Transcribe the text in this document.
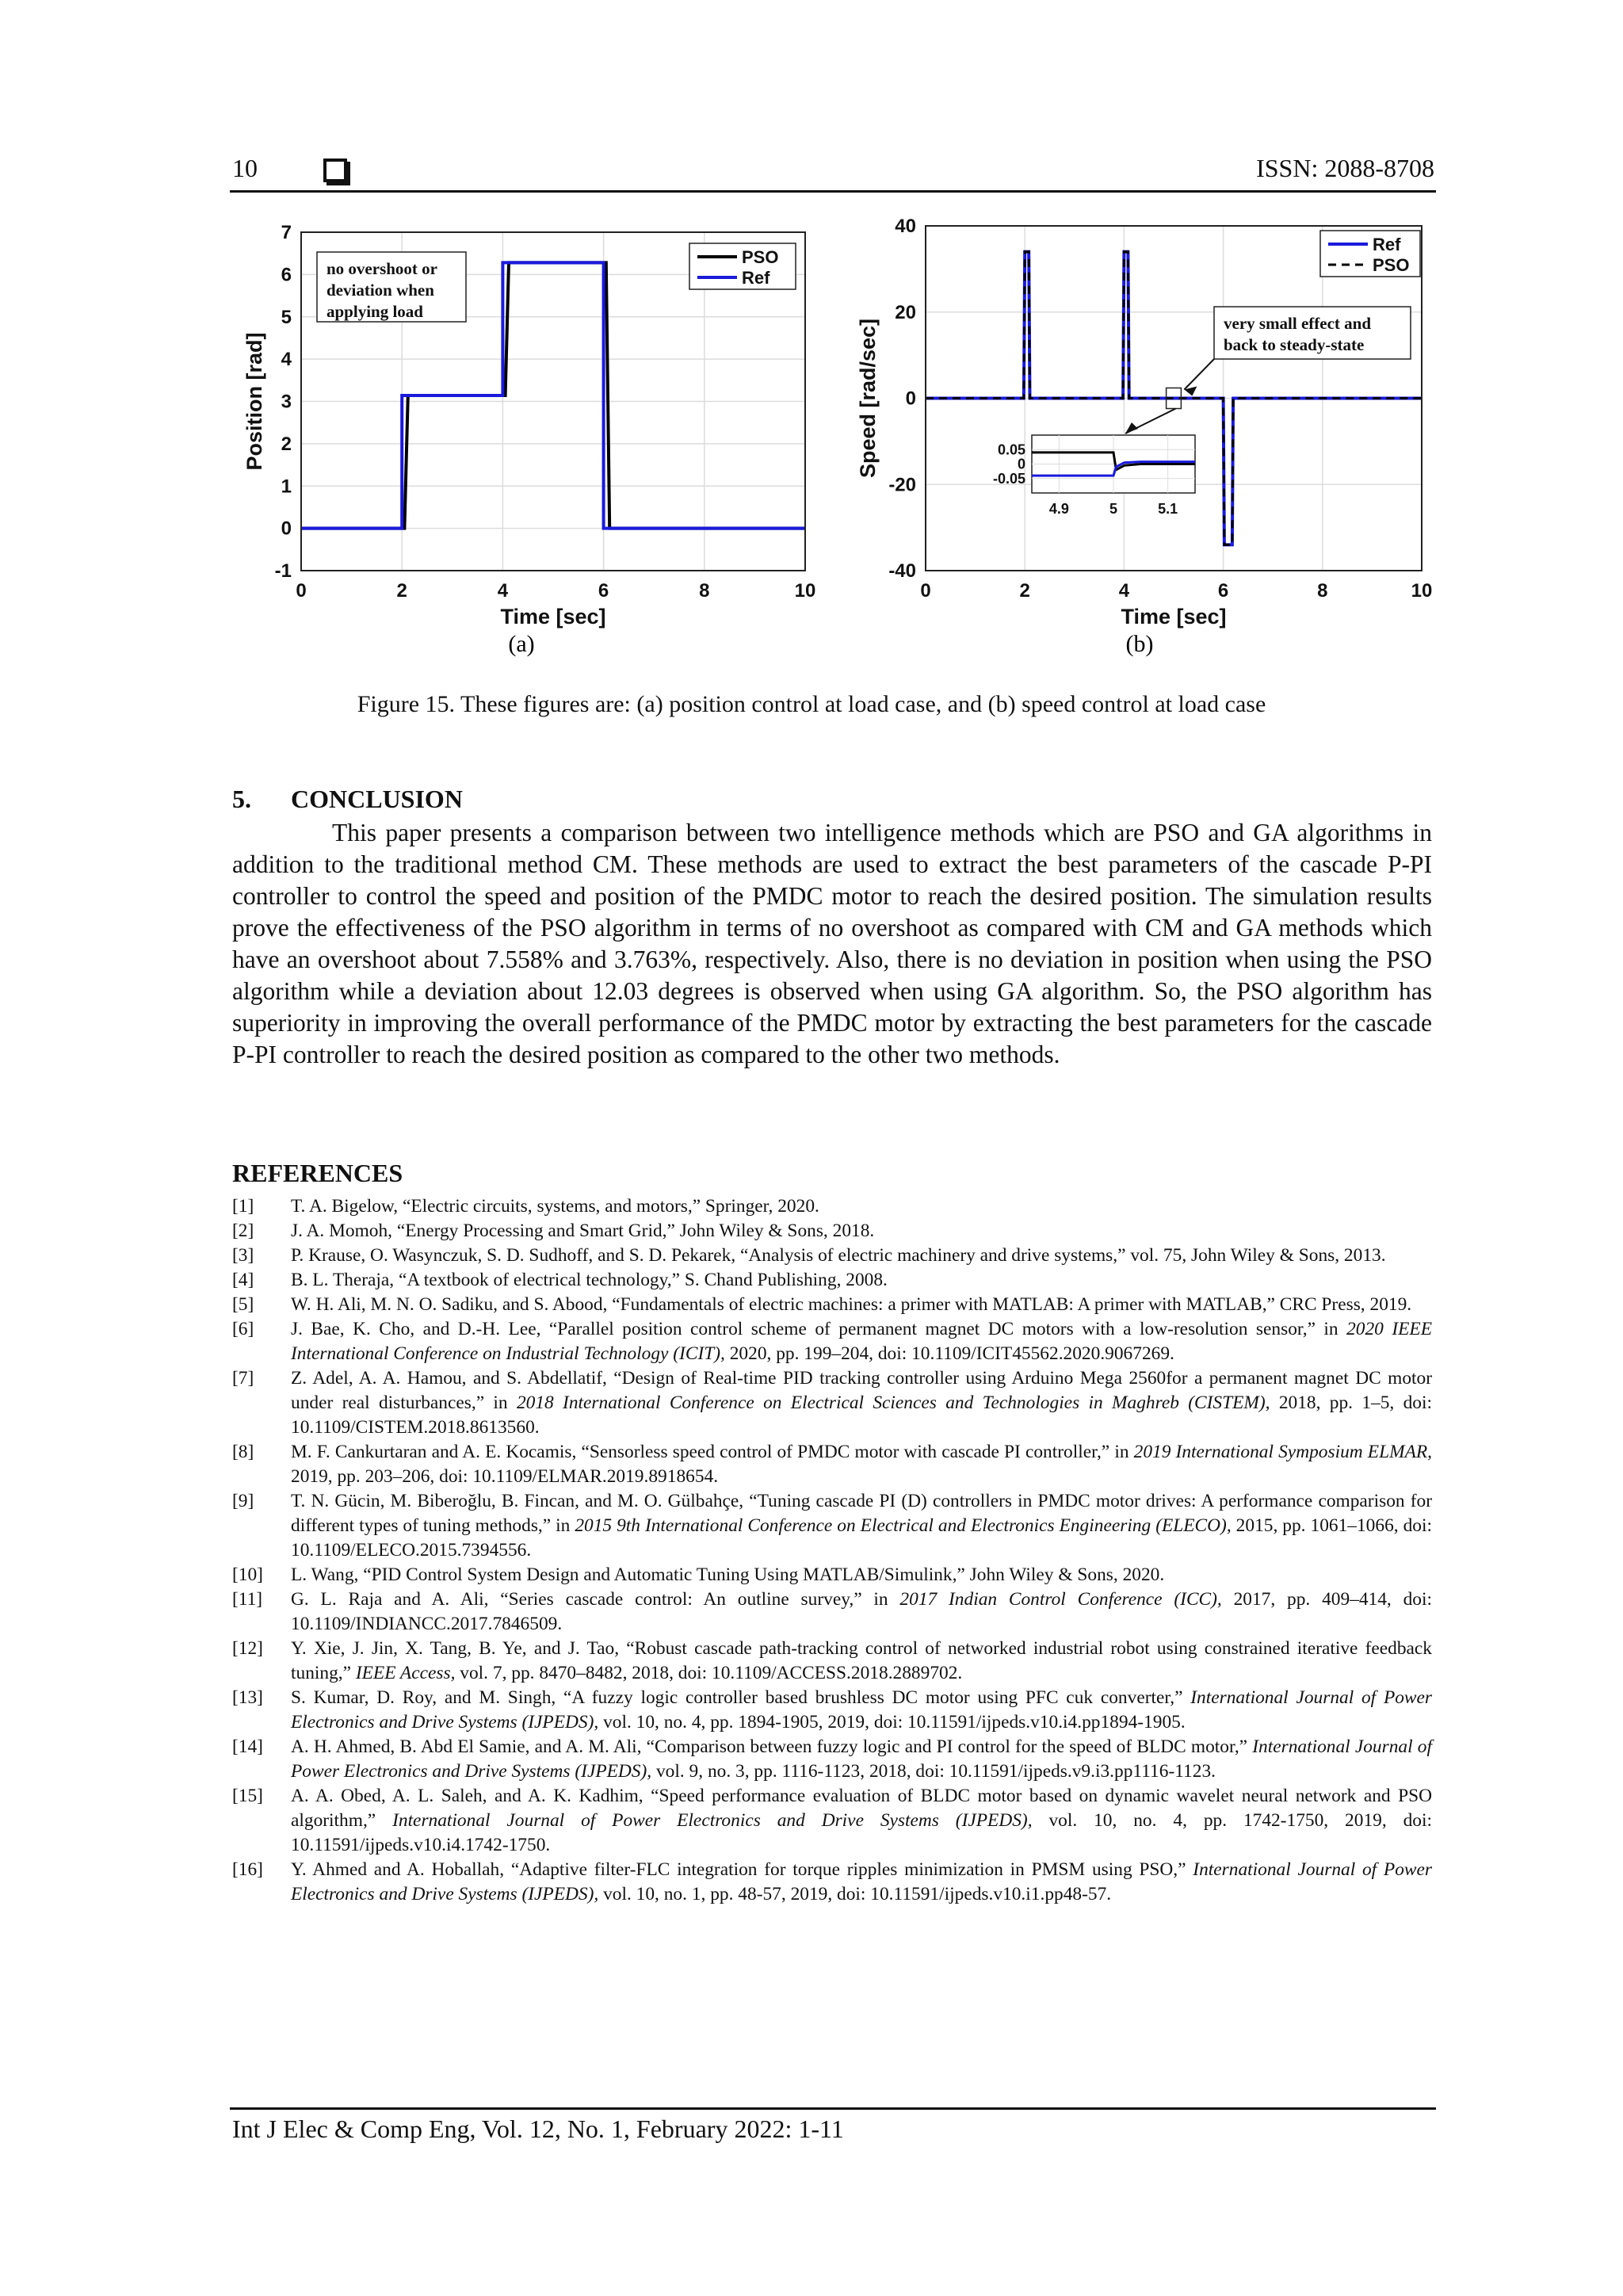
10	ISSN: 2088-8708
0	2	4	6	8	10
-1
0
1
2
3
4
5
6
7
Time [sec]
Position [rad]
PSO
Ref
no overshoot or
deviation when
applying load
0	2	4	6	8	10
-40
-20
0
20
40
Time [sec]
Speed [rad/sec]
Ref
PSO
very small effect and
back to steady-state
4.9	5	5.1
0.05
0
-0.05
(a)	(b)
Figure 15. These figures are: (a) position control at load case, and (b) speed control at load case
5. CONCLUSION

This paper presents a comparison between two intelligence methods which are PSO and GA algorithms in addition to the traditional method CM. These methods are used to extract the best parameters of the cascade P-PI controller to control the speed and position of the PMDC motor to reach the desired position. The simulation results prove the effectiveness of the PSO algorithm in terms of no overshoot as compared with CM and GA methods which have an overshoot about 7.558% and 3.763%, respectively. Also, there is no deviation in position when using the PSO algorithm while a deviation about 12.03 degrees is observed when using GA algorithm. So, the PSO algorithm has superiority in improving the overall performance of the PMDC motor by extracting the best parameters for the cascade P-PI controller to reach the desired position as compared to the other two methods.

REFERENCES
[1] T. A. Bigelow, “Electric circuits, systems, and motors,” Springer, 2020.
[2] J. A. Momoh, “Energy Processing and Smart Grid,” John Wiley & Sons, 2018.
[3] P. Krause, O. Wasynczuk, S. D. Sudhoff, and S. D. Pekarek, “Analysis of electric machinery and drive systems,” vol. 75, John Wiley & Sons, 2013.
[4] B. L. Theraja, “A textbook of electrical technology,” S. Chand Publishing, 2008.
[5] W. H. Ali, M. N. O. Sadiku, and S. Abood, “Fundamentals of electric machines: a primer with MATLAB: A primer with MATLAB,” CRC Press, 2019.
[6] J. Bae, K. Cho, and D.-H. Lee, “Parallel position control scheme of permanent magnet DC motors with a low-resolution sensor,” in 2020 IEEE International Conference on Industrial Technology (ICIT), 2020, pp. 199–204, doi: 10.1109/ICIT45562.2020.9067269.
[7] Z. Adel, A. A. Hamou, and S. Abdellatif, “Design of Real-time PID tracking controller using Arduino Mega 2560for a permanent magnet DC motor under real disturbances,” in 2018 International Conference on Electrical Sciences and Technologies in Maghreb (CISTEM), 2018, pp. 1–5, doi: 10.1109/CISTEM.2018.8613560.
[8] M. F. Cankurtaran and A. E. Kocamis, “Sensorless speed control of PMDC motor with cascade PI controller,” in 2019 International Symposium ELMAR, 2019, pp. 203–206, doi: 10.1109/ELMAR.2019.8918654.
[9] T. N. Gücin, M. Biberoğlu, B. Fincan, and M. O. Gülbahçe, “Tuning cascade PI (D) controllers in PMDC motor drives: A performance comparison for different types of tuning methods,” in 2015 9th International Conference on Electrical and Electronics Engineering (ELECO), 2015, pp. 1061–1066, doi: 10.1109/ELECO.2015.7394556.
[10] L. Wang, “PID Control System Design and Automatic Tuning Using MATLAB/Simulink,” John Wiley & Sons, 2020.
[11] G. L. Raja and A. Ali, “Series cascade control: An outline survey,” in 2017 Indian Control Conference (ICC), 2017, pp. 409–414, doi: 10.1109/INDIANCC.2017.7846509.
[12] Y. Xie, J. Jin, X. Tang, B. Ye, and J. Tao, “Robust cascade path-tracking control of networked industrial robot using constrained iterative feedback tuning,” IEEE Access, vol. 7, pp. 8470–8482, 2018, doi: 10.1109/ACCESS.2018.2889702.
[13] S. Kumar, D. Roy, and M. Singh, “A fuzzy logic controller based brushless DC motor using PFC cuk converter,” International Journal of Power Electronics and Drive Systems (IJPEDS), vol. 10, no. 4, pp. 1894-1905, 2019, doi: 10.11591/ijpeds.v10.i4.pp1894-1905.
[14] A. H. Ahmed, B. Abd El Samie, and A. M. Ali, “Comparison between fuzzy logic and PI control for the speed of BLDC motor,” International Journal of Power Electronics and Drive Systems (IJPEDS), vol. 9, no. 3, pp. 1116-1123, 2018, doi: 10.11591/ijpeds.v9.i3.pp1116-1123.
[15] A. A. Obed, A. L. Saleh, and A. K. Kadhim, “Speed performance evaluation of BLDC motor based on dynamic wavelet neural network and PSO algorithm,” International Journal of Power Electronics and Drive Systems (IJPEDS), vol. 10, no. 4, pp. 1742-1750, 2019, doi: 10.11591/ijpeds.v10.i4.1742-1750.
[16] Y. Ahmed and A. Hoballah, “Adaptive filter-FLC integration for torque ripples minimization in PMSM using PSO,” International Journal of Power Electronics and Drive Systems (IJPEDS), vol. 10, no. 1, pp. 48-57, 2019, doi: 10.11591/ijpeds.v10.i1.pp48-57.
Int J Elec & Comp Eng, Vol. 12, No. 1, February 2022: 1-11
